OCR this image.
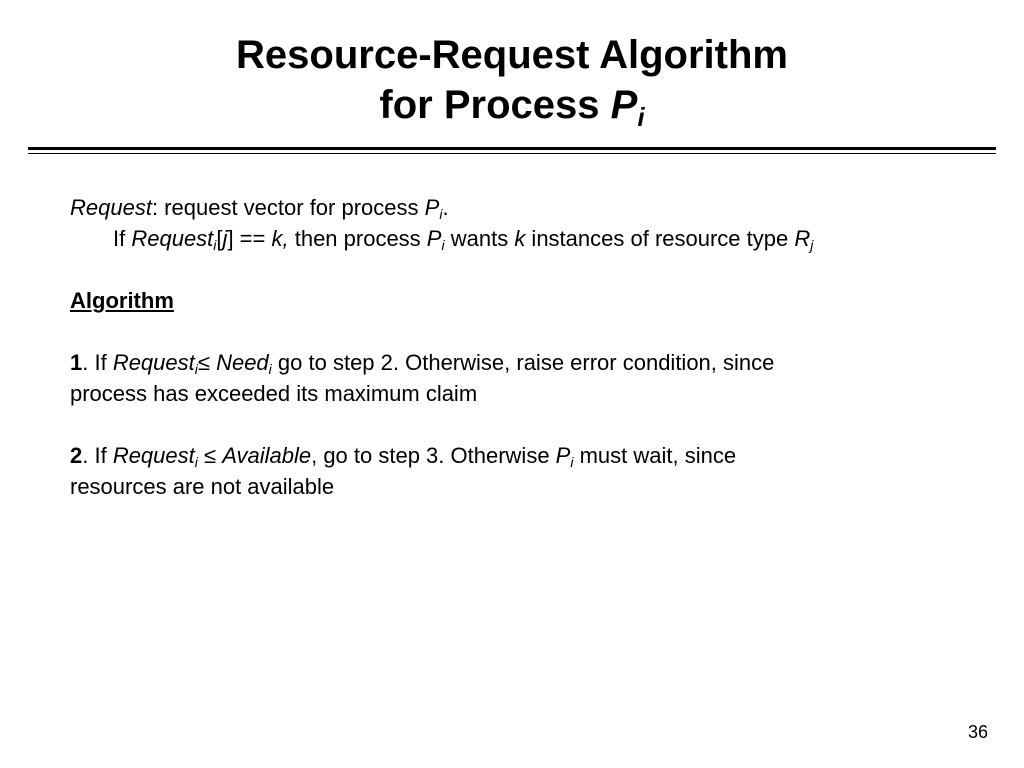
Resource-Request Algorithm
for Process $P_i$
Request: request vector for process $P_i$.
If Request$_i$[j] == k, then process $P_i$ wants k instances of resource type $R_j$
Algorithm
1. If Request$_i$≤ Need$_i$ go to step 2. Otherwise, raise error condition, since
process has exceeded its maximum claim
2. If Request$_i$ ≤ Available, go to step 3. Otherwise $P_i$ must wait, since
resources are not available
36
